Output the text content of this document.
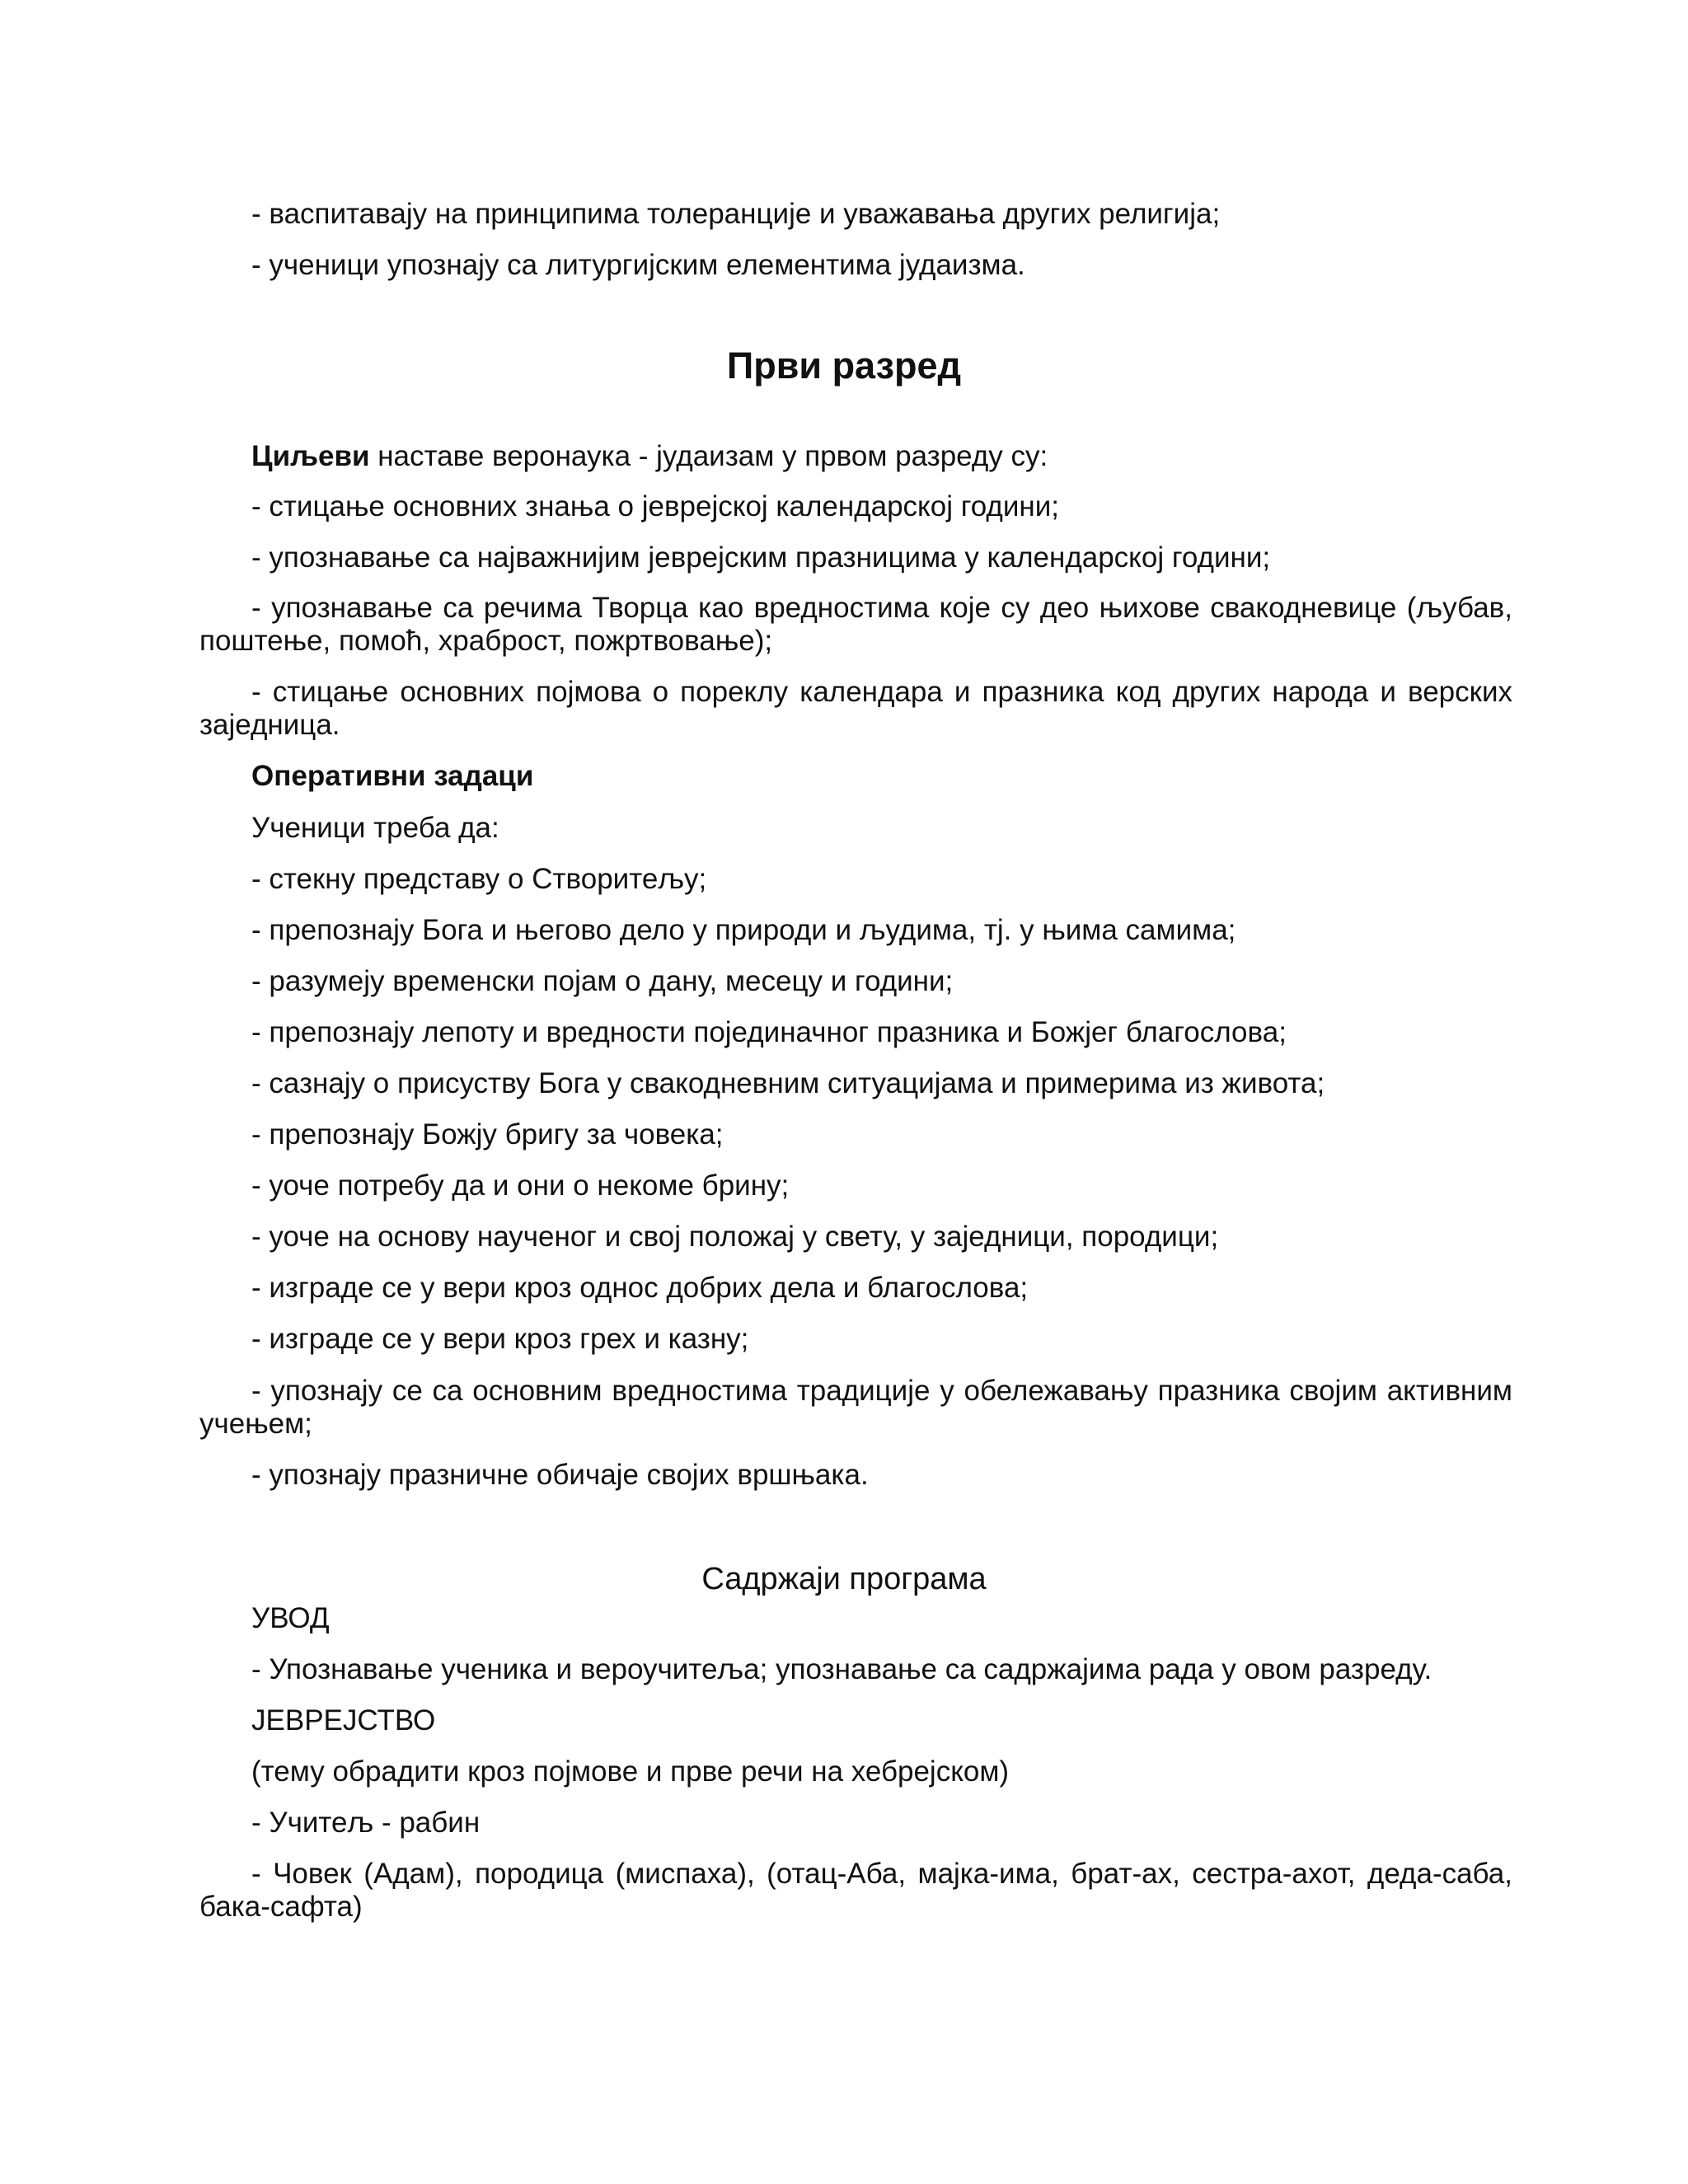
- васпитавају на принципима толеранције и уважавања других религија;
- ученици упознају са литургијским елементима јудаизма.
Први разред
Циљеви наставе веронаука - јудаизам у првом разреду су:
- стицање основних знања о јеврејској календарској години;
- упознавање са најважнијим јеврејским празницима у календарској години;
- упознавање са речима Творца као вредностима које су део њихове свакодневице (љубав, поштење, помоћ, храброст, пожртвовање);
- стицање основних појмова о пореклу календара и празника код других народа и верских заједница.
Оперативни задаци
Ученици треба да:
- стекну представу о Створитељу;
- препознају Бога и његово дело у природи и људима, тј. у њима самима;
- разумеју временски појам о дану, месецу и години;
- препознају лепоту и вредности појединачног празника и Божјег благослова;
- сазнају о присуству Бога у свакодневним ситуацијама и примерима из живота;
- препознају Божју бригу за човека;
- уоче потребу да и они о некоме брину;
- уоче на основу наученог и свој положај у свету, у заједници, породици;
- изграде се у вери кроз однос добрих дела и благослова;
- изграде се у вери кроз грех и казну;
- упознају се са основним вредностима традиције у обележавању празника својим активним учењем;
- упознају празничне обичаје својих вршњака.
Садржаји програма
УВОД
- Упознавање ученика и вероучитеља; упознавање са садржајима рада у овом разреду.
ЈЕВРЕЈСТВО
(тему обрадити кроз појмове и прве речи на хебрејском)
- Учитељ - рабин
- Човек (Адам), породица (миспаха), (отац-Аба, мајка-има, брат-ах, сестра-ахот, деда-саба, бака-сафта)
